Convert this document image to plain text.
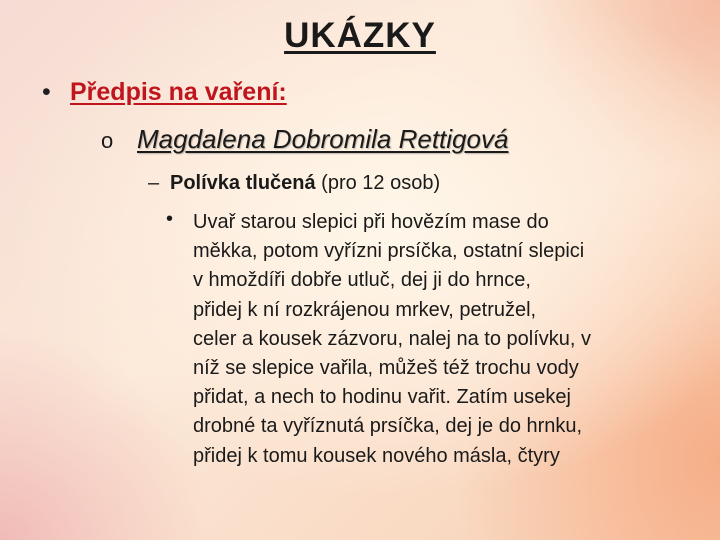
UKÁZKY
• Předpis na vaření:
o Magdalena Dobromila Rettigová
– Polívka tlučená (pro 12 osob)
• Uvař starou slepici při hovězím mase do
měkka, potom vyřízni prsíčka, ostatní slepici
v hmoždíři dobře utluč, dej ji do hrnce,
přidej k ní rozkrájenou mrkev, petružel,
celer a kousek zázvoru, nalej na to polívku, v
níž se slepice vařila, můžeš též trochu vody
přidat, a nech to hodinu vařit. Zatím usekej
drobné ta vyříznutá prsíčka, dej je do hrnku,
přidej k tomu kousek nového másla, čtyry
